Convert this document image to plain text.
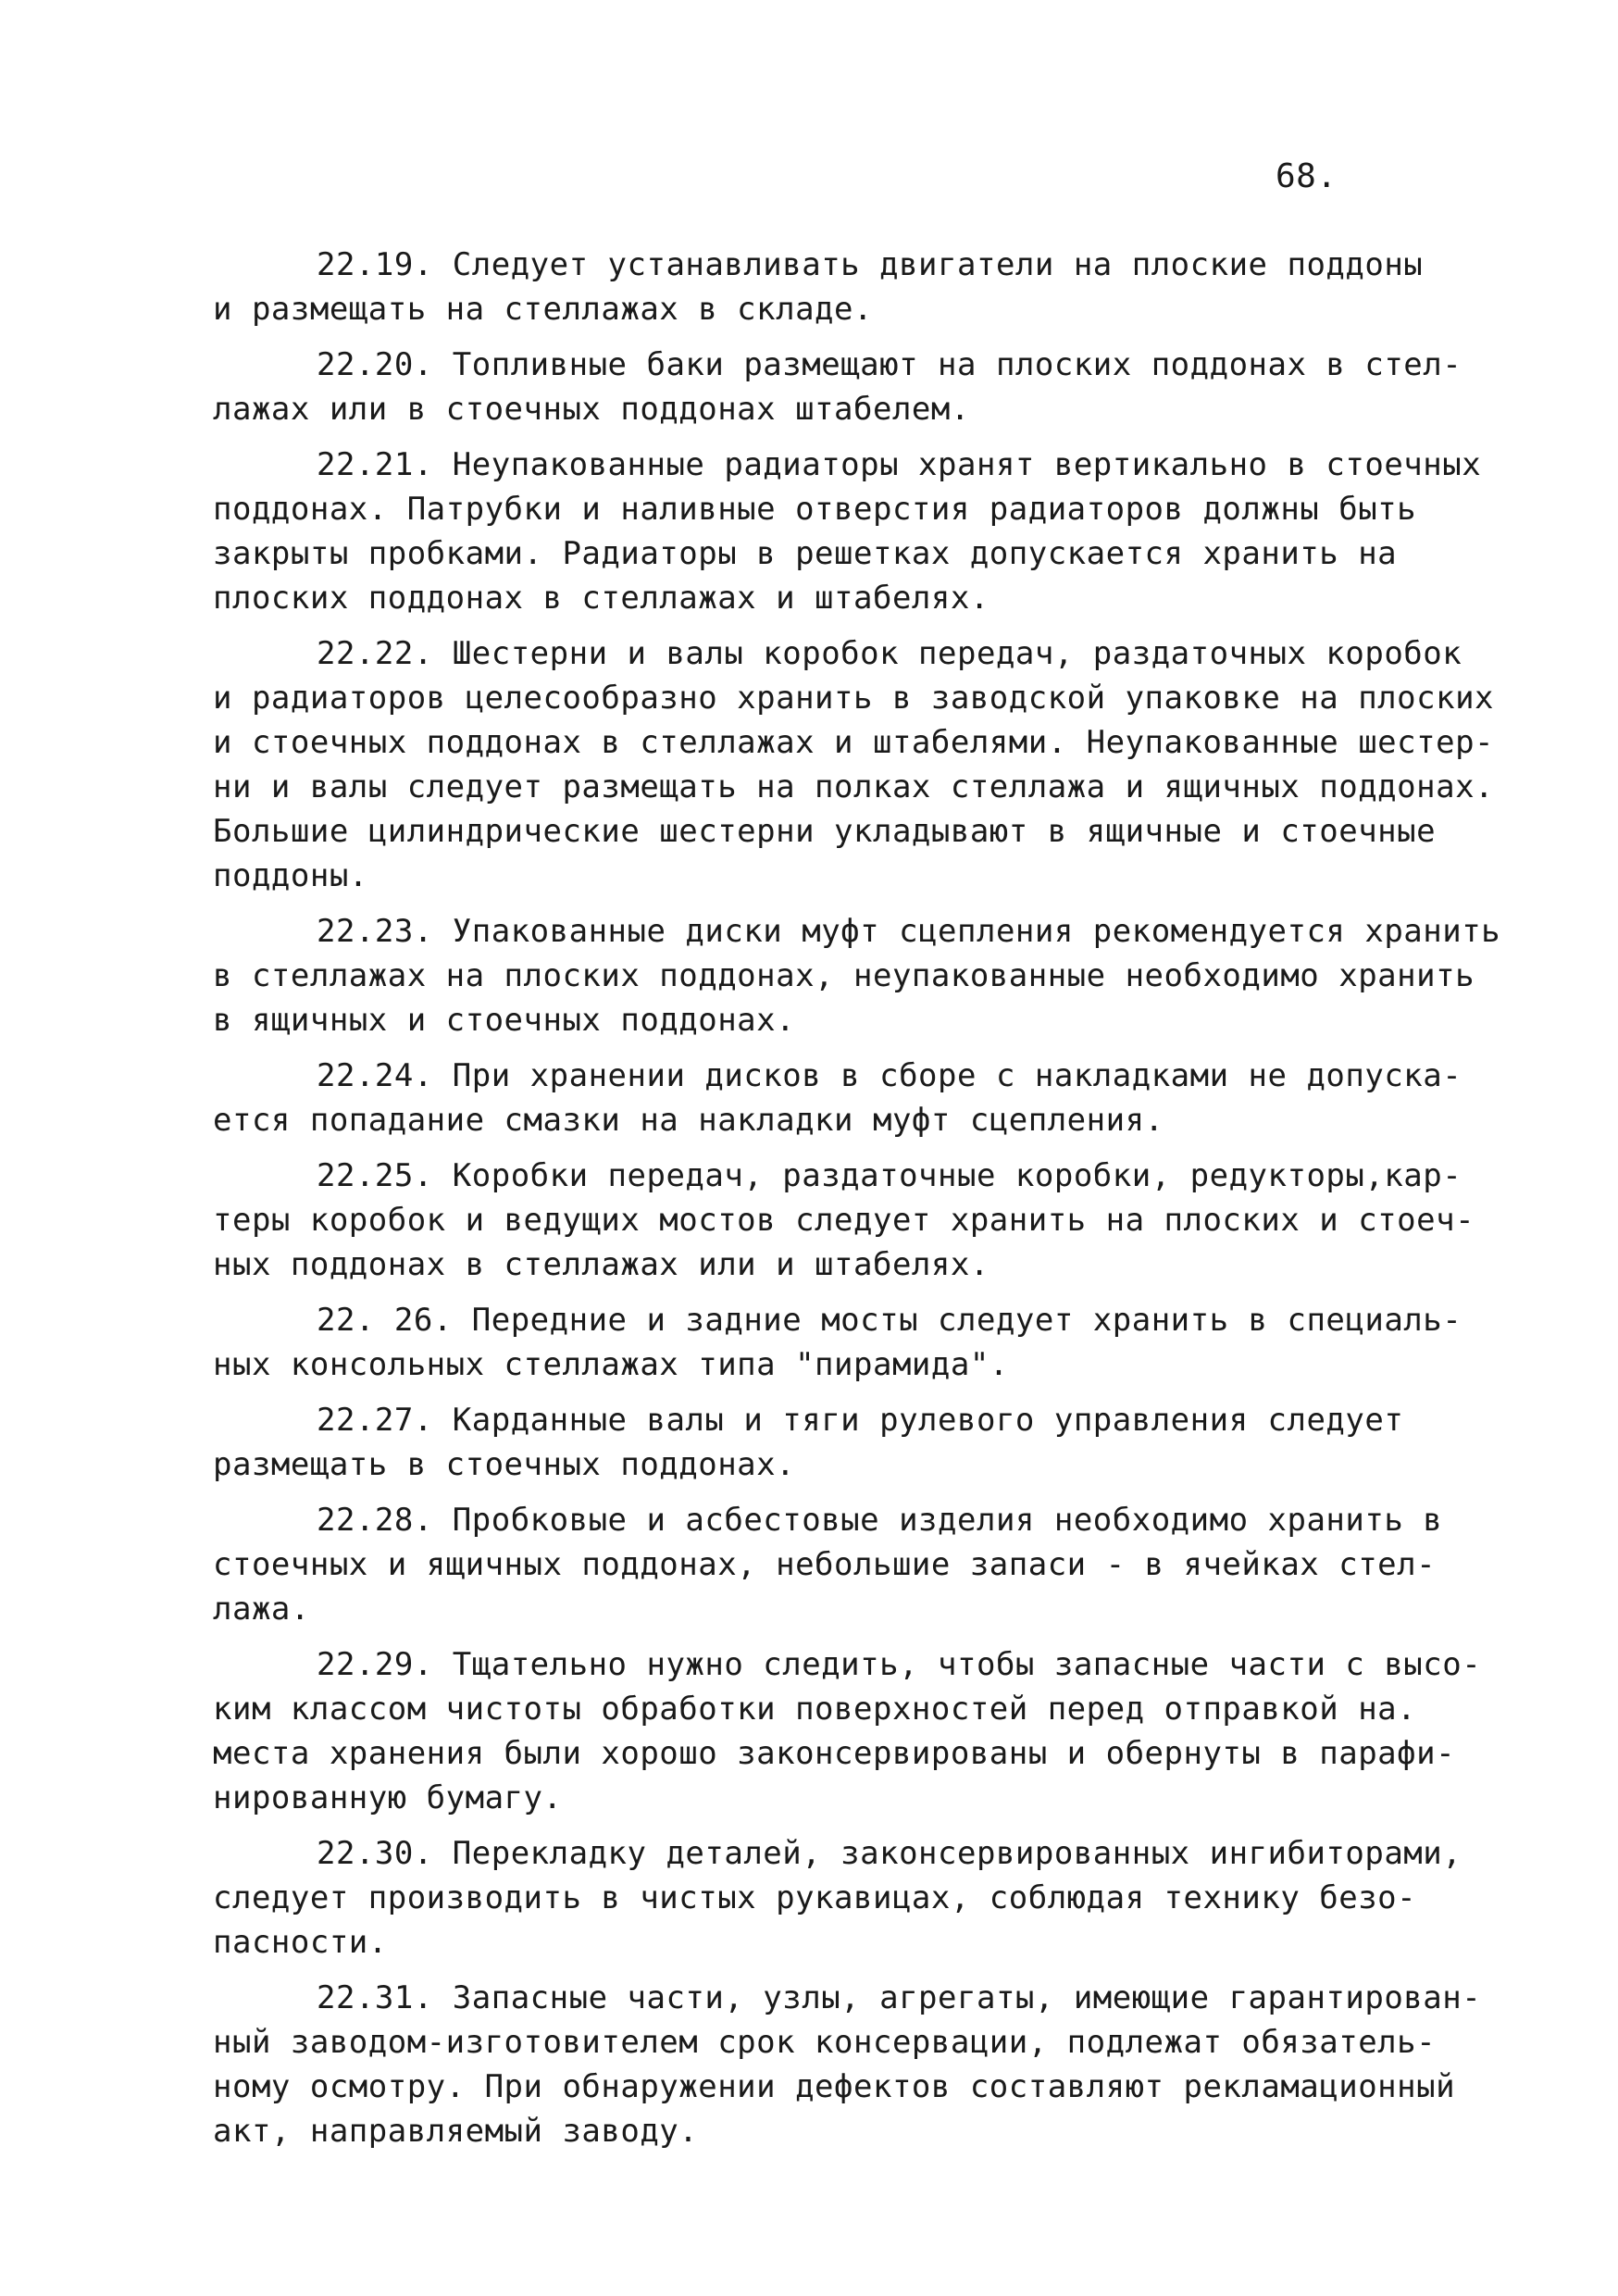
68.
22.19. Следует устанавливать двигатели на плоские поддоны
и размещать на стеллажах в складе.
22.20. Топливные баки размещают на плоских поддонах в стел-
лажах или в стоечных поддонах штабелем.
22.21. Неупакованные радиаторы хранят вертикально в стоечных
поддонах. Патрубки и наливные отверстия радиаторов должны быть
закрыты пробками. Радиаторы в решетках допускается хранить на
плоских поддонах в стеллажах и штабелях.
22.22. Шестерни и валы коробок передач, раздаточных коробок
и радиаторов целесообразно хранить в заводской упаковке на плоских
и стоечных поддонах в стеллажах и штабелями. Неупакованные шестер-
ни и валы следует размещать на полках стеллажа и ящичных поддонах.
Большие цилиндрические шестерни укладывают в ящичные и стоечные
поддоны.
22.23. Упакованные диски муфт сцепления рекомендуется хранить
в стеллажах на плоских поддонах, неупакованные необходимо хранить
в ящичных и стоечных поддонах.
22.24. При хранении дисков в сборе с накладками не допуска-
ется попадание смазки на накладки муфт сцепления.
22.25. Коробки передач, раздаточные коробки, редукторы,кар-
теры коробок и ведущих мостов следует хранить на плоских и стоеч-
ных поддонах в стеллажах или и штабелях.
22. 26. Передние и задние мосты следует хранить в специаль-
ных консольных стеллажах типа "пирамида".
22.27. Карданные валы и тяги рулевого управления следует
размещать в стоечных поддонах.
22.28. Пробковые и асбестовые изделия необходимо хранить в
стоечных и ящичных поддонах, небольшие запаси - в ячейках стел-
лажа.
22.29. Тщательно нужно следить, чтобы запасные части с высо-
ким классом чистоты обработки поверхностей перед отправкой на.
места хранения были хорошо законсервированы и обернуты в парафи-
нированную бумагу.
22.30. Перекладку деталей, законсервированных ингибиторами,
следует производить в чистых рукавицах, соблюдая технику безо-
пасности.
22.31. Запасные части, узлы, агрегаты, имеющие гарантирован-
ный заводом-изготовителем срок консервации, подлежат обязатель-
ному осмотру. При обнаружении дефектов составляют рекламационный
акт, направляемый заводу.
